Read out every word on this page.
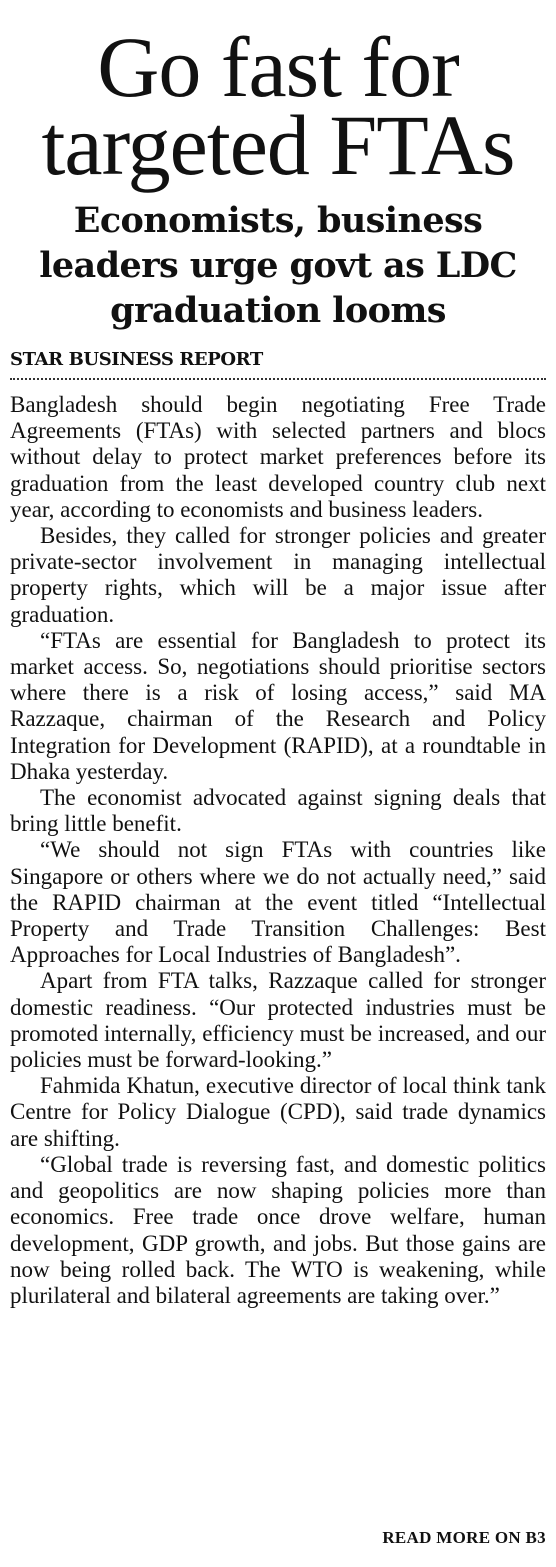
Go fast for
targeted FTAs
Economists, business
leaders urge govt as LDC
graduation looms
STAR BUSINESS REPORT

Bangladesh should begin negotiating Free Trade Agreements (FTAs) with selected partners and blocs without delay to protect market preferences before its graduation from the least developed country club next year, according to economists and business leaders.

Besides, they called for stronger policies and greater private-sector involvement in managing intellectual property rights, which will be a major issue after graduation.

“FTAs are essential for Bangladesh to protect its market access. So, negotiations should prioritise sectors where there is a risk of losing access,” said MA Razzaque, chairman of the Research and Policy Integration for Development (RAPID), at a roundtable in Dhaka yesterday.

The economist advocated against signing deals that bring little benefit.

“We should not sign FTAs with countries like Singapore or others where we do not actually need,” said the RAPID chairman at the event titled “Intellectual Property and Trade Transition Challenges: Best Approaches for Local Industries of Bangladesh”.

Apart from FTA talks, Razzaque called for stronger domestic readiness. “Our protected industries must be promoted internally, efficiency must be increased, and our policies must be forward-looking.”

Fahmida Khatun, executive director of local think tank Centre for Policy Dialogue (CPD), said trade dynamics are shifting.

“Global trade is reversing fast, and domestic politics and geopolitics are now shaping policies more than economics. Free trade once drove welfare, human development, GDP growth, and jobs. But those gains are now being rolled back. The WTO is weakening, while plurilateral and bilateral agreements are taking over.”

READ MORE ON B3
